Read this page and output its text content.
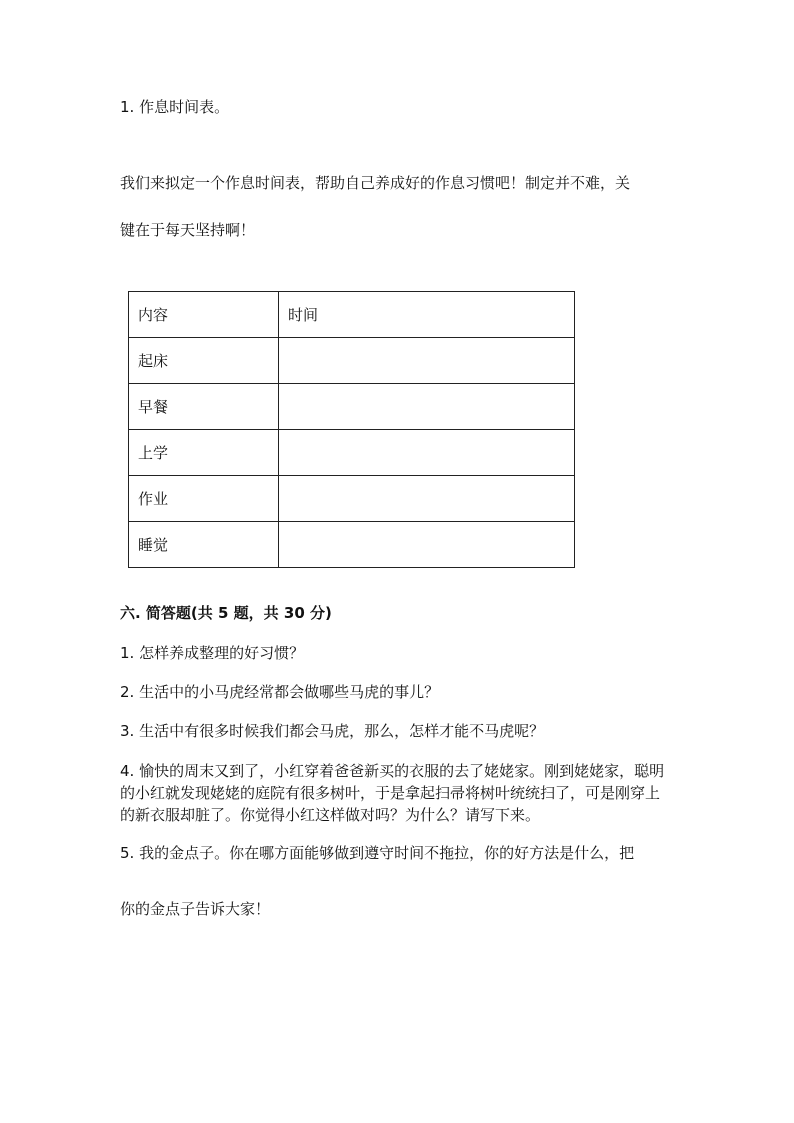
1. 作息时间表。
我们来拟定一个作息时间表，帮助自己养成好的作息习惯吧！制定并不难，关
键在于每天坚持啊！
内容	时间
起床	
早餐	
上学	
作业	
睡觉	
六. 简答题(共 5 题，共 30 分)
1. 怎样养成整理的好习惯？
2. 生活中的小马虎经常都会做哪些马虎的事儿？
3. 生活中有很多时候我们都会马虎，那么，怎样才能不马虎呢？
4. 愉快的周末又到了，小红穿着爸爸新买的衣服的去了姥姥家。刚到姥姥家，聪明的小红就发现姥姥的庭院有很多树叶，于是拿起扫帚将树叶统统扫了，可是刚穿上的新衣服却脏了。你觉得小红这样做对吗？为什么？请写下来。
5. 我的金点子。你在哪方面能够做到遵守时间不拖拉，你的好方法是什么，把
你的金点子告诉大家！
